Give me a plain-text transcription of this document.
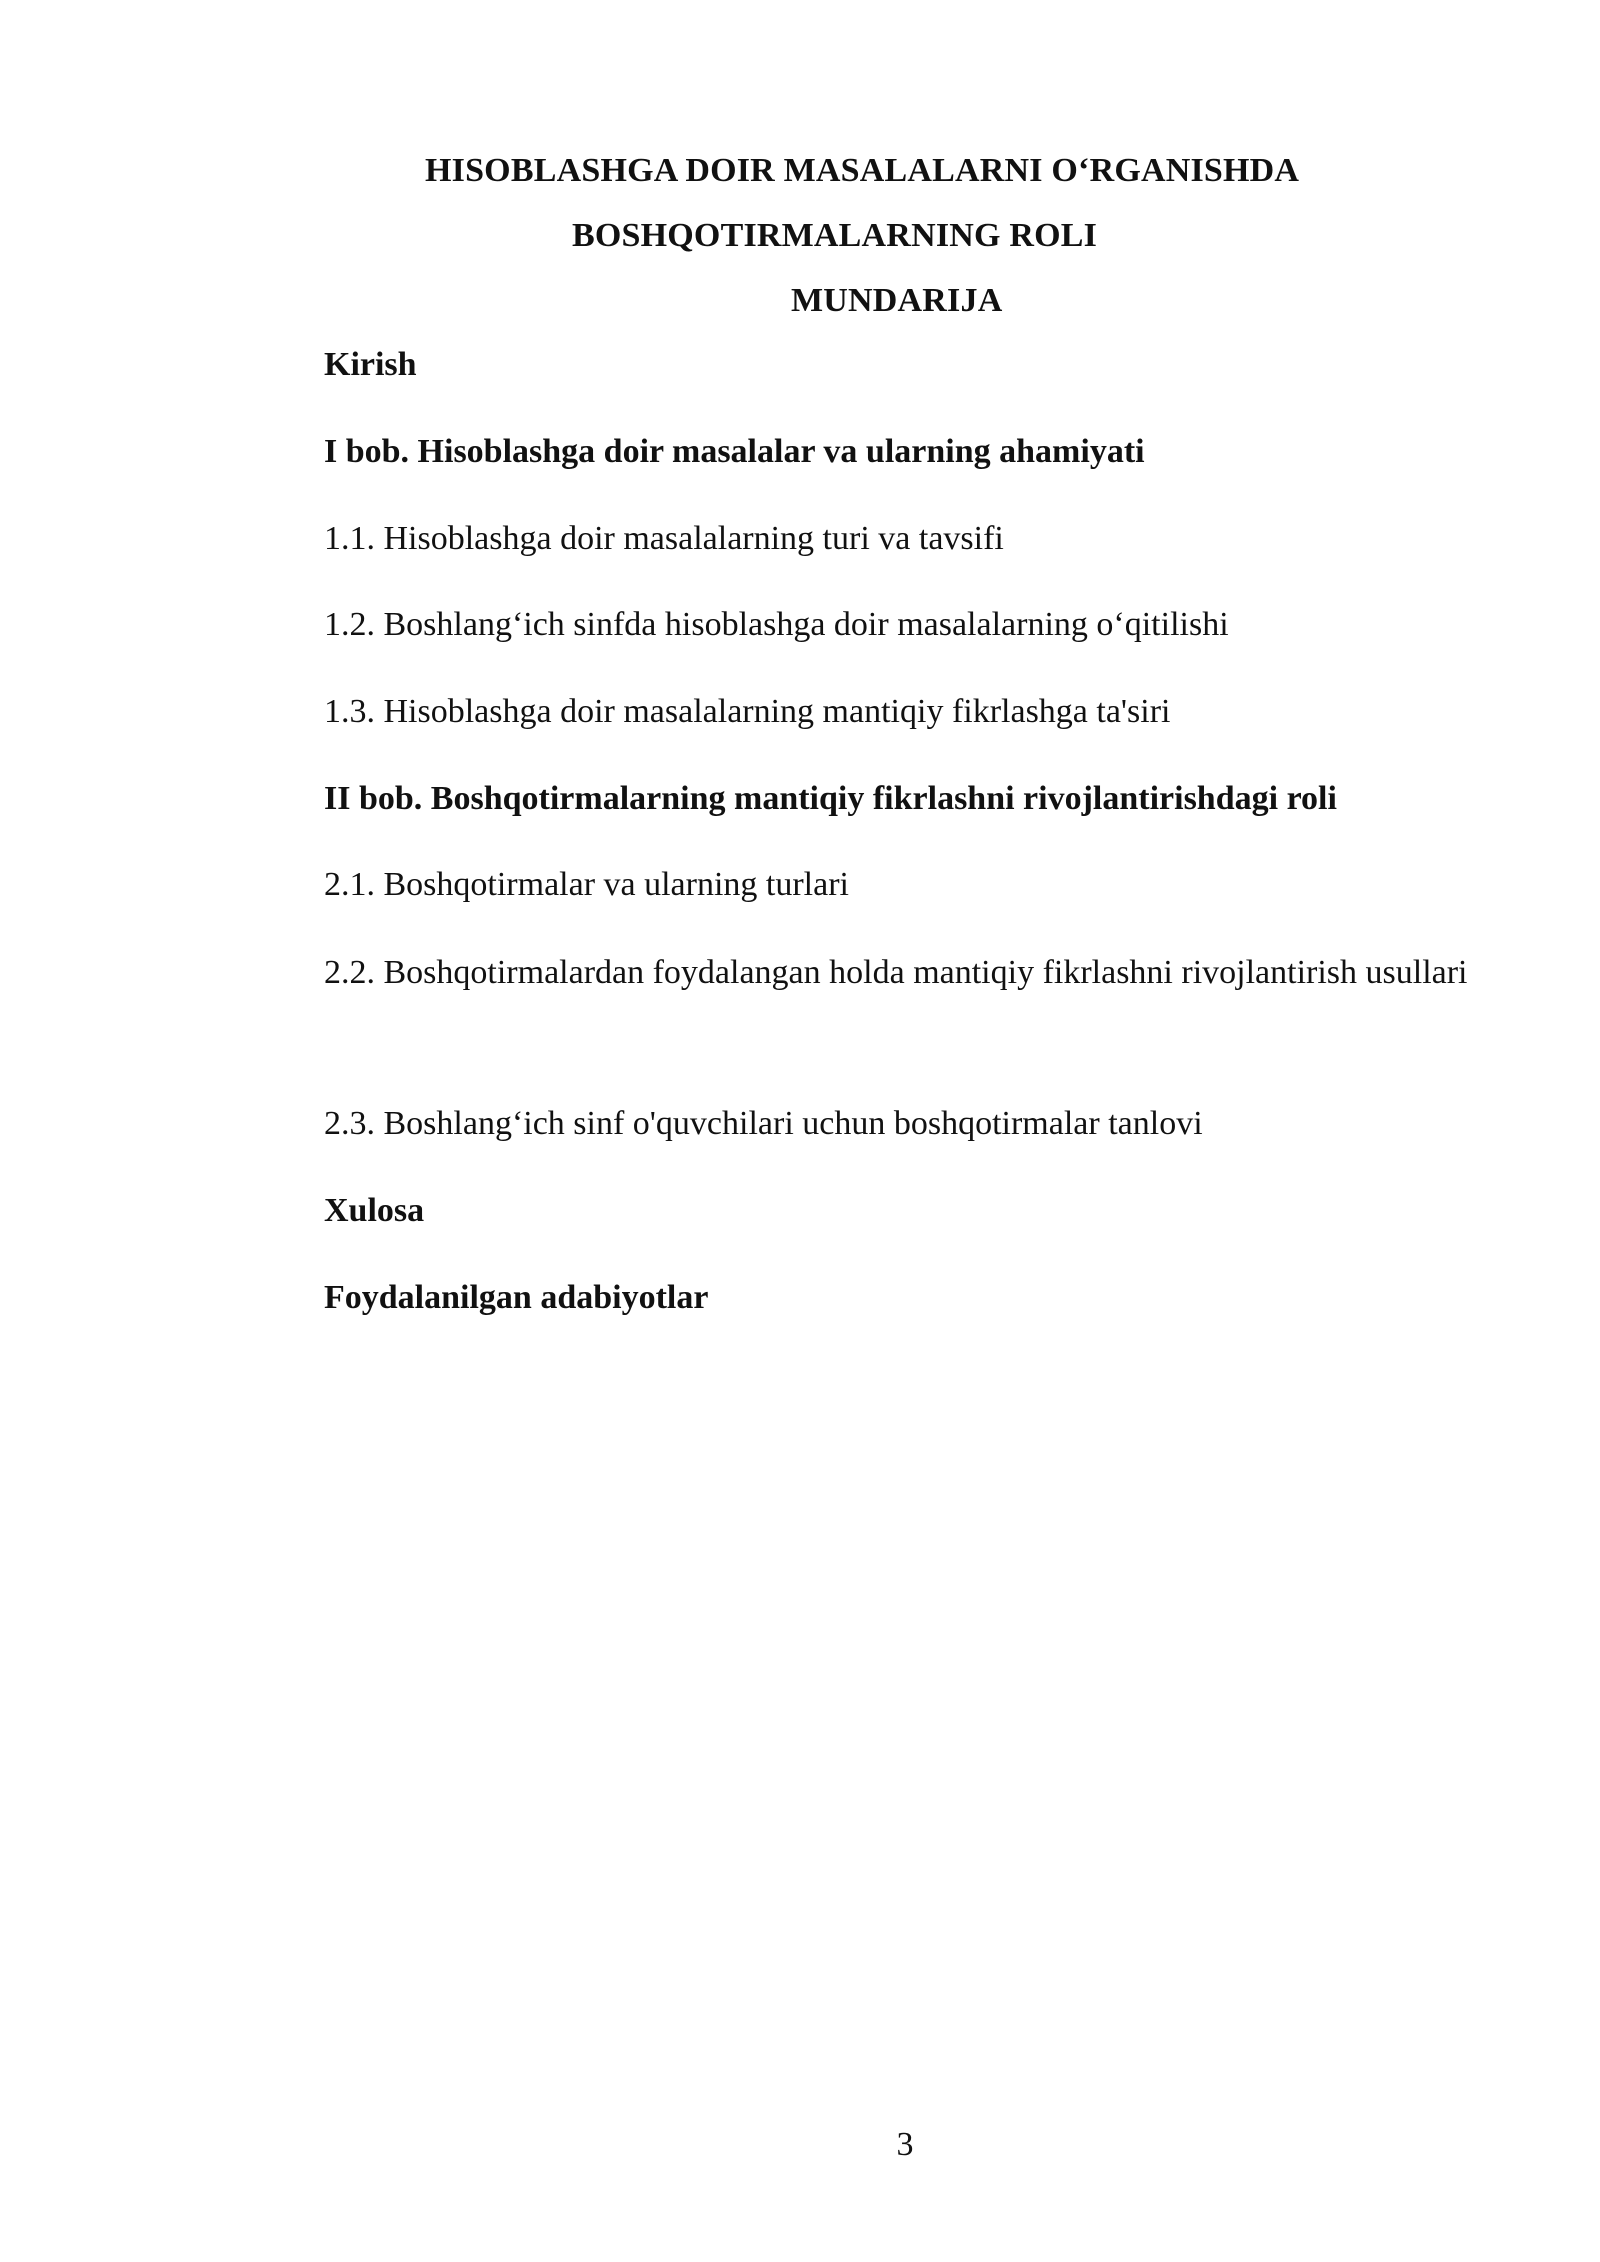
HISOBLASHGA DOIR MASALALARNI O‘RGANISHDA
BOSHQOTIRMALARNING ROLI
MUNDARIJA
Kirish
I bob. Hisoblashga doir masalalar va ularning ahamiyati
1.1. Hisoblashga doir masalalarning turi va tavsifi
1.2. Boshlang‘ich sinfda hisoblashga doir masalalarning o‘qitilishi
1.3. Hisoblashga doir masalalarning mantiqiy fikrlashga ta'siri
II bob. Boshqotirmalarning mantiqiy fikrlashni rivojlantirishdagi roli
2.1. Boshqotirmalar va ularning turlari
2.2. Boshqotirmalardan foydalangan holda mantiqiy fikrlashni rivojlantirish usullari
2.3. Boshlang‘ich sinf o'quvchilari uchun boshqotirmalar tanlovi
Xulosa
Foydalanilgan adabiyotlar
3
